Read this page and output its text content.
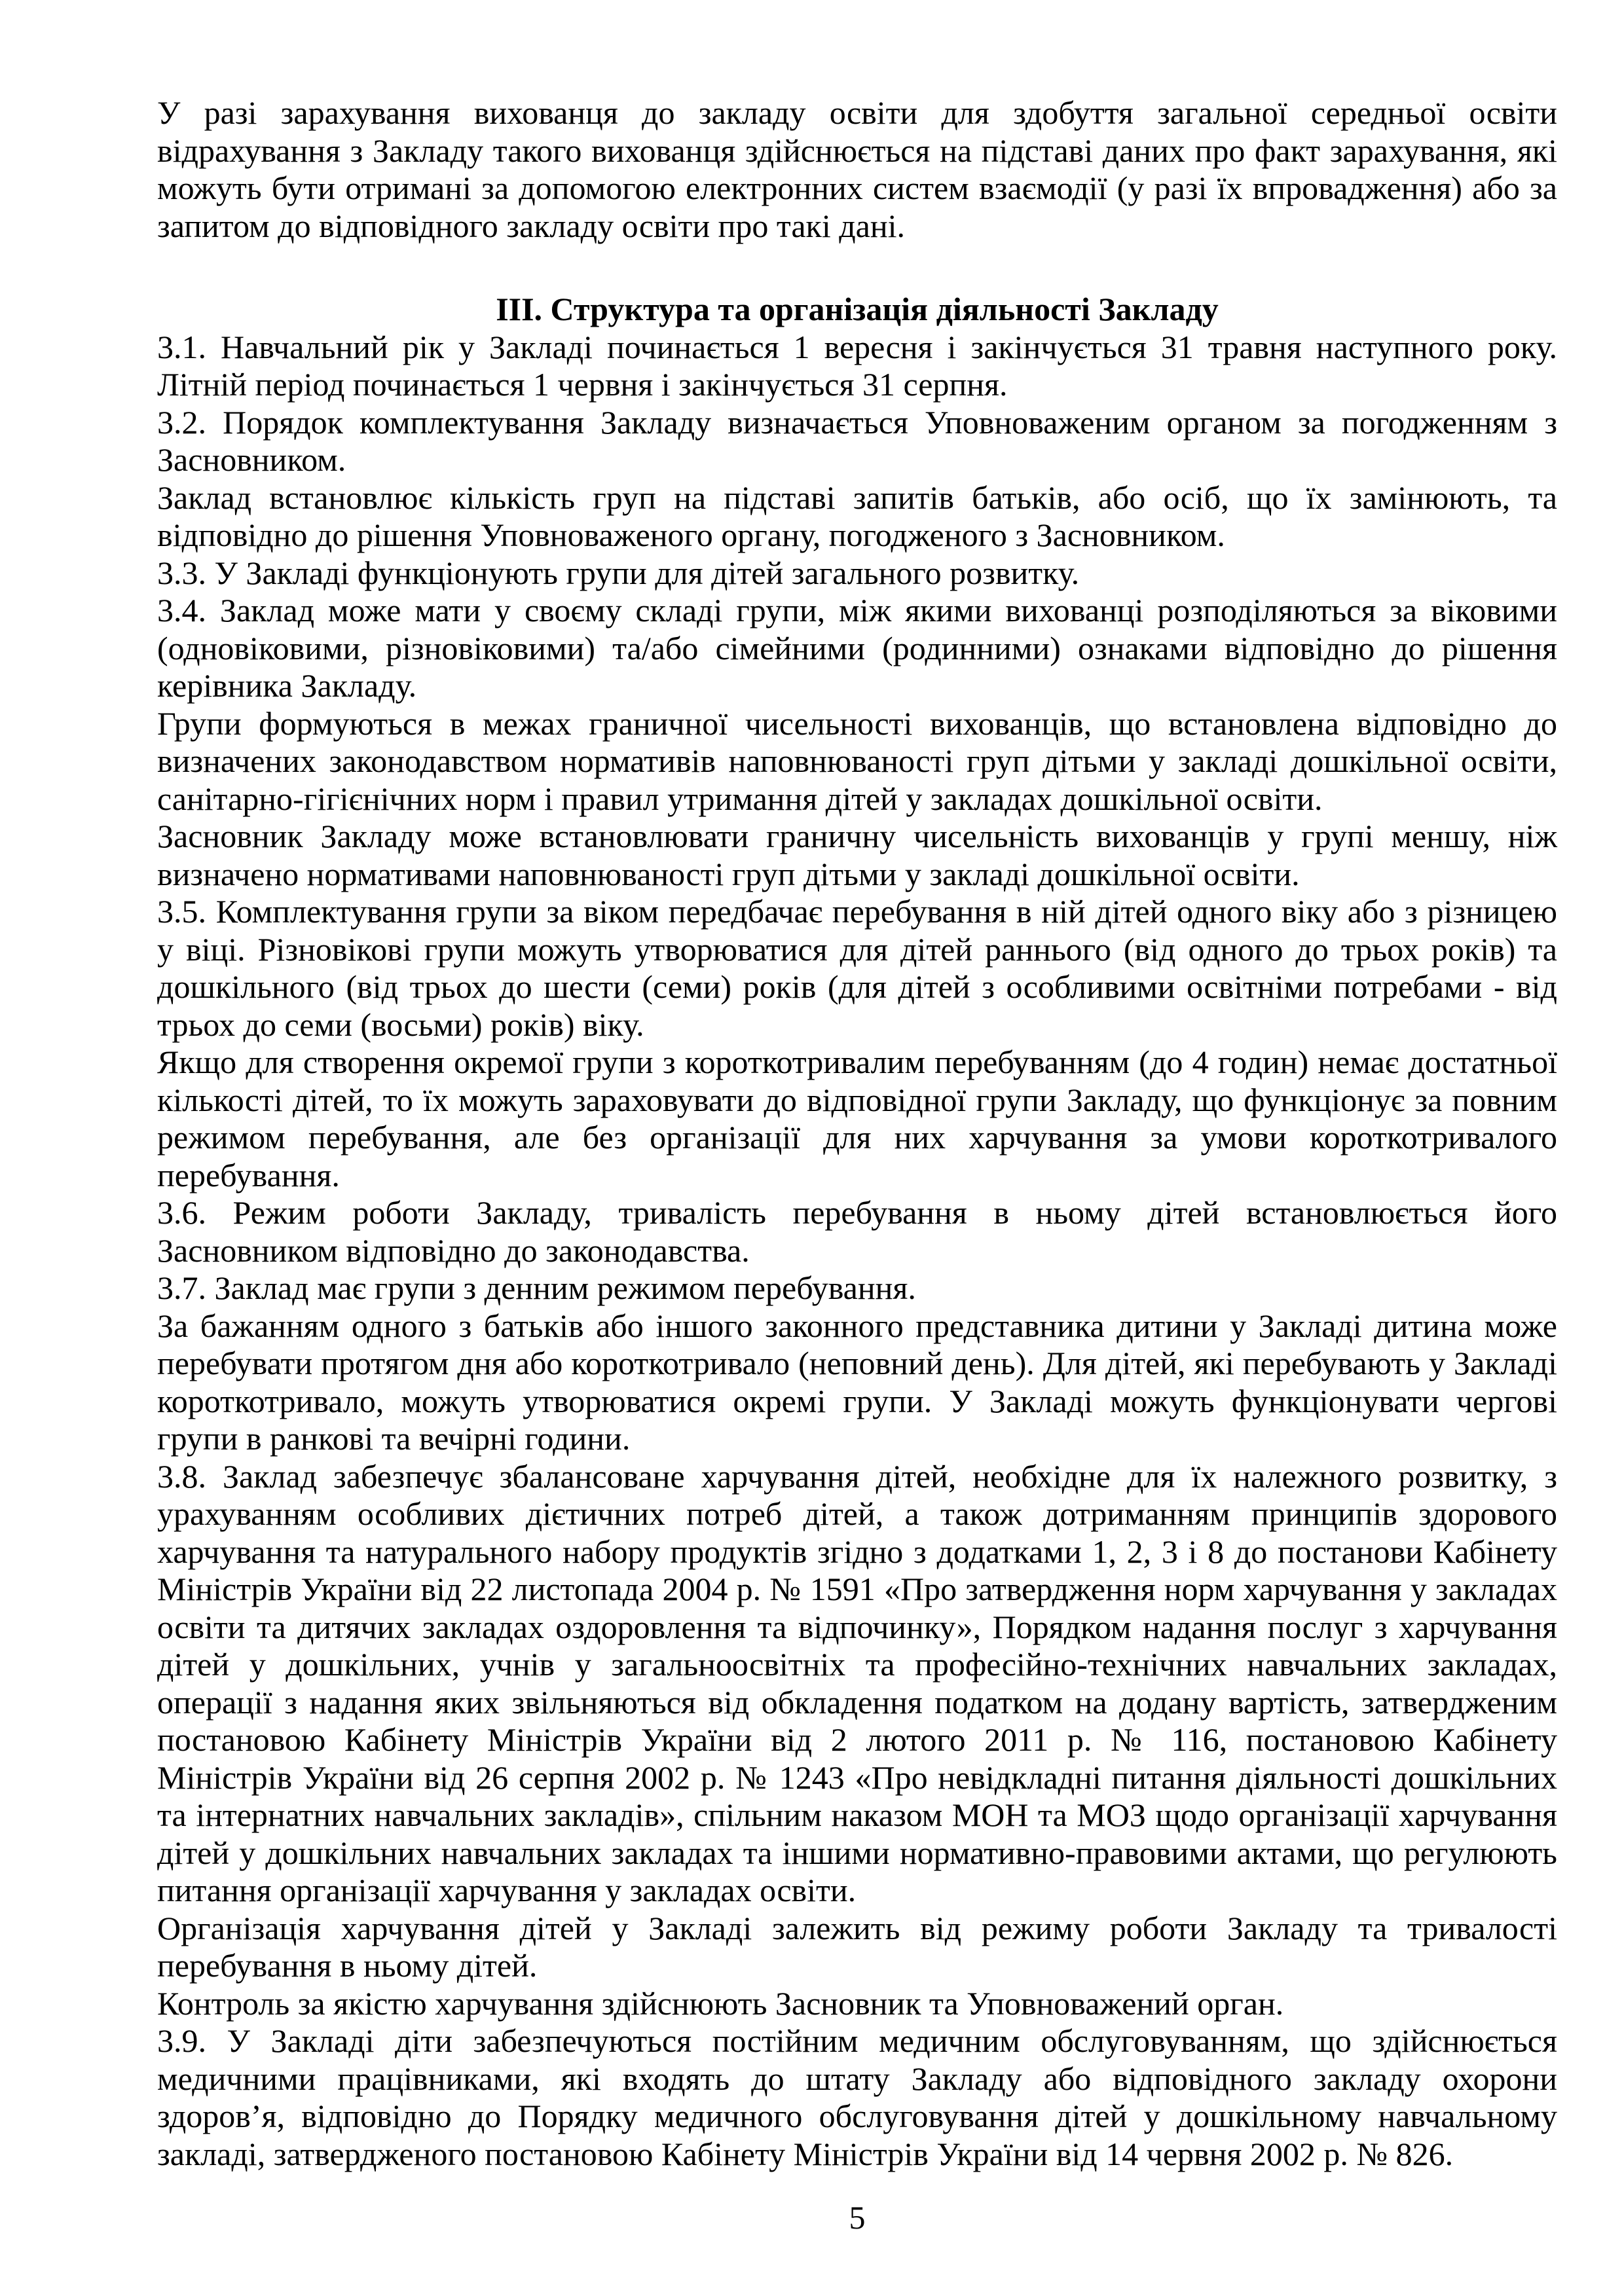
У разі зарахування вихованця до закладу освіти для здобуття загальної середньої освіти відрахування з Закладу такого вихованця здійснюється на підставі даних про факт зарахування, які можуть бути отримані за допомогою електронних систем взаємодії (у разі їх впровадження) або за запитом до відповідного закладу освіти про такі дані.

ІІІ. Структура та організація діяльності Закладу

3.1. Навчальний рік у Закладі починається 1 вересня і закінчується 31 травня наступного року. Літній період починається 1 червня і закінчується 31 серпня.

3.2. Порядок комплектування Закладу визначається Уповноваженим органом за погодженням з Засновником.

Заклад встановлює кількість груп на підставі запитів батьків, або осіб, що їх замінюють, та відповідно до рішення Уповноваженого органу, погодженого з Засновником.

3.3. У Закладі функціонують групи для дітей загального розвитку.

3.4. Заклад може мати у своєму складі групи, між якими вихованці розподіляються за віковими (одновіковими, різновіковими) та/або сімейними (родинними) ознаками відповідно до рішення керівника Закладу.

Групи формуються в межах граничної чисельності вихованців, що встановлена відповідно до визначених законодавством нормативів наповнюваності груп дітьми у закладі дошкільної освіти, санітарно-гігієнічних норм і правил утримання дітей у закладах дошкільної освіти.

Засновник Закладу може встановлювати граничну чисельність вихованців у групі меншу, ніж визначено нормативами наповнюваності груп дітьми у закладі дошкільної освіти.

3.5. Комплектування групи за віком передбачає перебування в ній дітей одного віку або з різницею у віці. Різновікові групи можуть утворюватися для дітей раннього (від одного до трьох років) та дошкільного (від трьох до шести (семи) років (для дітей з особливими освітніми потребами - від трьох до семи (восьми) років) віку.

Якщо для створення окремої групи з короткотривалим перебуванням (до 4 годин) немає достатньої кількості дітей, то їх можуть зараховувати до відповідної групи Закладу, що функціонує за повним режимом перебування, але без організації для них харчування за умови короткотривалого перебування.

3.6. Режим роботи Закладу, тривалість перебування в ньому дітей встановлюється його Засновником відповідно до законодавства.

3.7. Заклад має групи з денним режимом перебування.

За бажанням одного з батьків або іншого законного представника дитини у Закладі дитина може перебувати протягом дня або короткотривало (неповний день). Для дітей, які перебувають у Закладі короткотривало, можуть утворюватися окремі групи. У Закладі можуть функціонувати чергові групи в ранкові та вечірні години.

3.8. Заклад забезпечує збалансоване харчування дітей, необхідне для їх належного розвитку, з урахуванням особливих дієтичних потреб дітей, а також дотриманням принципів здорового харчування та натурального набору продуктів згідно з додатками 1, 2, 3 і 8 до постанови Кабінету Міністрів України від 22 листопада 2004 р. № 1591 «Про затвердження норм харчування у закладах освіти та дитячих закладах оздоровлення та відпочинку», Порядком надання послуг з харчування дітей у дошкільних, учнів у загальноосвітніх та професійно-технічних навчальних закладах, операції з надання яких звільняються від обкладення податком на додану вартість, затвердженим постановою Кабінету Міністрів України від 2 лютого 2011 р. № 116, постановою Кабінету Міністрів України від 26 серпня 2002 р. № 1243 «Про невідкладні питання діяльності дошкільних та інтернатних навчальних закладів», спільним наказом МОН та МОЗ щодо організації харчування дітей у дошкільних навчальних закладах та іншими нормативно-правовими актами, що регулюють питання організації харчування у закладах освіти.

Організація харчування дітей у Закладі залежить від режиму роботи Закладу та тривалості перебування в ньому дітей.

Контроль за якістю харчування здійснюють Засновник та Уповноважений орган.

3.9. У Закладі діти забезпечуються постійним медичним обслуговуванням, що здійснюється медичними працівниками, які входять до штату Закладу або відповідного закладу охорони здоров’я, відповідно до Порядку медичного обслуговування дітей у дошкільному навчальному закладі, затвердженого постановою Кабінету Міністрів України від 14 червня 2002 р. № 826.

5
